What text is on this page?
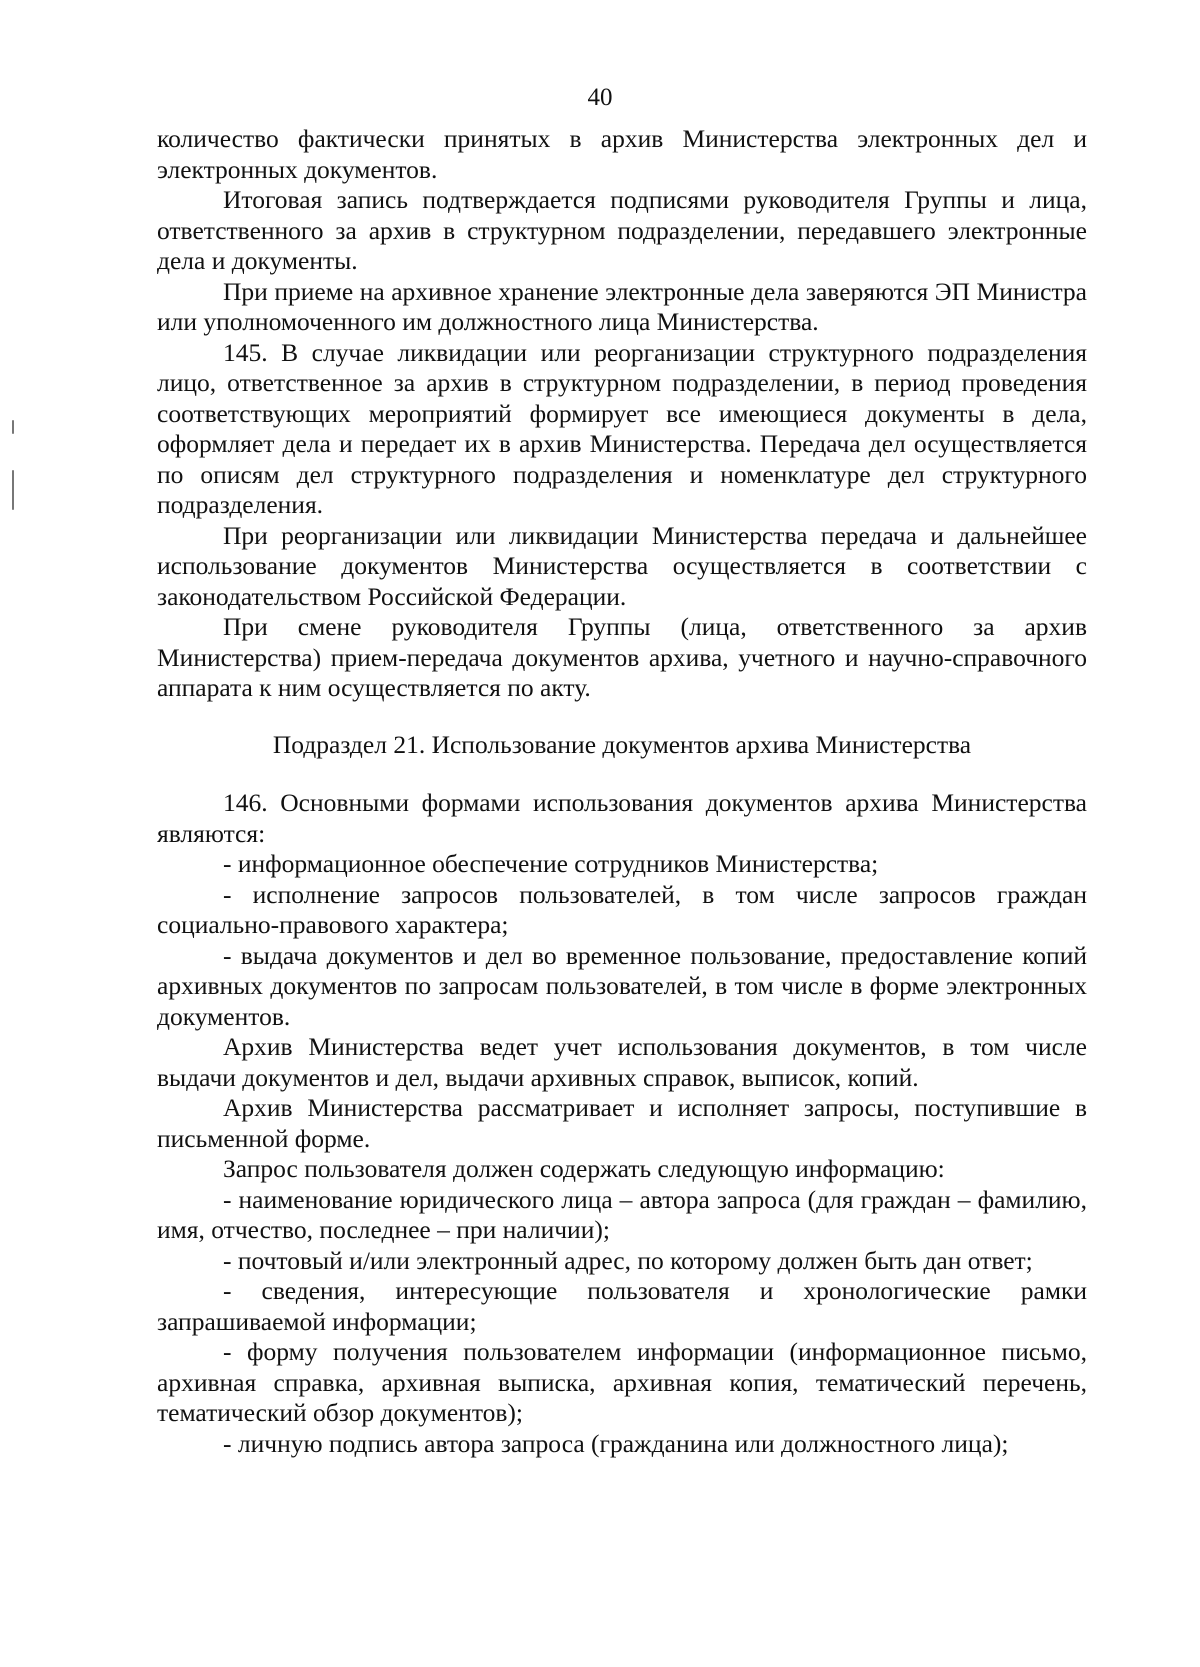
40

количество фактически принятых в архив Министерства электронных дел и электронных документов.

Итоговая запись подтверждается подписями руководителя Группы и лица, ответственного за архив в структурном подразделении, передавшего электронные дела и документы.

При приеме на архивное хранение электронные дела заверяются ЭП Министра или уполномоченного им должностного лица Министерства.

145. В случае ликвидации или реорганизации структурного подразделения лицо, ответственное за архив в структурном подразделении, в период проведения соответствующих мероприятий формирует все имеющиеся документы в дела, оформляет дела и передает их в архив Министерства. Передача дел осуществляется по описям дел структурного подразделения и номенклатуре дел структурного подразделения.

При реорганизации или ликвидации Министерства передача и дальнейшее использование документов Министерства осуществляется в соответствии с законодательством Российской Федерации.

При смене руководителя Группы (лица, ответственного за архив Министерства) прием-передача документов архива, учетного и научно-справочного аппарата к ним осуществляется по акту.

Подраздел 21. Использование документов архива Министерства

146. Основными формами использования документов архива Министерства являются:

- информационное обеспечение сотрудников Министерства;

- исполнение запросов пользователей, в том числе запросов граждан социально-правового характера;

- выдача документов и дел во временное пользование, предоставление копий архивных документов по запросам пользователей, в том числе в форме электронных документов.

Архив Министерства ведет учет использования документов, в том числе выдачи документов и дел, выдачи архивных справок, выписок, копий.

Архив Министерства рассматривает и исполняет запросы, поступившие в письменной форме.

Запрос пользователя должен содержать следующую информацию:

- наименование юридического лица – автора запроса (для граждан – фамилию, имя, отчество, последнее – при наличии);

- почтовый и/или электронный адрес, по которому должен быть дан ответ;

- сведения, интересующие пользователя и хронологические рамки запрашиваемой информации;

- форму получения пользователем информации (информационное письмо, архивная справка, архивная выписка, архивная копия, тематический перечень, тематический обзор документов);

- личную подпись автора запроса (гражданина или должностного лица);
